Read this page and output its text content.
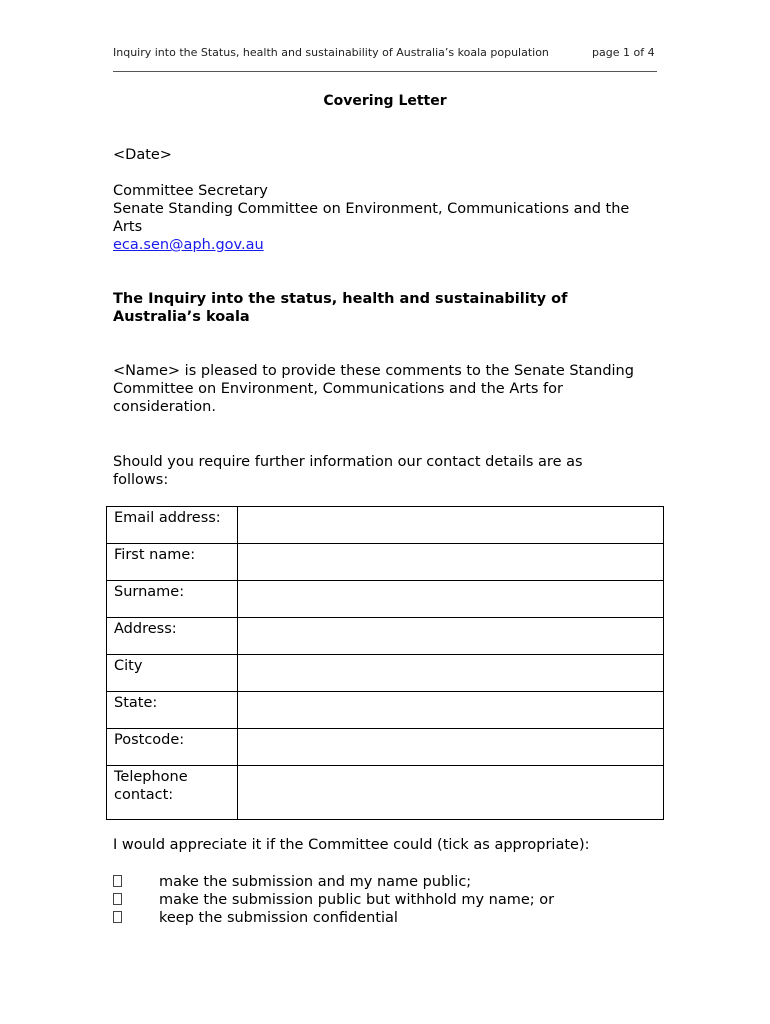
Inquiry into the Status, health and sustainability of Australia’s koala population	page 1 of 4
Covering Letter
<Date>
Committee Secretary
Senate Standing Committee on Environment, Communications and the
Arts
eca.sen@aph.gov.au
The Inquiry into the status, health and sustainability of
Australia’s koala
<Name> is pleased to provide these comments to the Senate Standing
Committee on Environment, Communications and the Arts for
consideration.
Should you require further information our contact details are as
follows:
Email address:	
First name:	
Surname:	
Address:	
City	
State:	
Postcode:	

Telephone
contact:	

I would appreciate it if the Committee could (tick as appropriate):
make the submission and my name public;
make the submission public but withhold my name; or
keep the submission confidential
